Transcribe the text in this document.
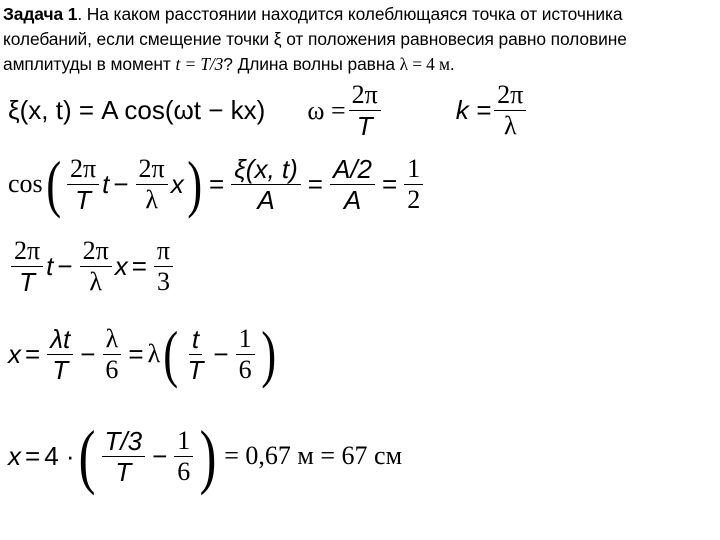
Задача 1. На каком расстоянии находится колеблющаяся точка от источника
колебаний, если смещение точки ξ от положения равновесия равно половине
амплитуды в момент t = T/3? Длина волны равна λ = 4 м.
ξ(x, t) = A cos(ωt − kx) $\omega = \frac{2\pi}{T}$	$k = \frac{2\pi}{\lambda}$
cos ( $\frac{2\pi}{T}$ $t - \frac{2\pi}{\lambda}$ x ) = $\frac{\xi(x, t)}{A} = \frac{A/2}{A} = \frac{1}{2}$
$\frac{2\pi}{T}$ $t - \frac{2\pi}{\lambda}$ $x = \frac{\pi}{3}$
$x = \frac{\lambda t}{T} - \frac{\lambda}{6} = \lambda$ ( $\frac{t}{T} - \frac{1}{6}$ )
x = 4 · ( $\frac{T/3}{T} - \frac{1}{6}$ ) = 0,67 м = 67 см
